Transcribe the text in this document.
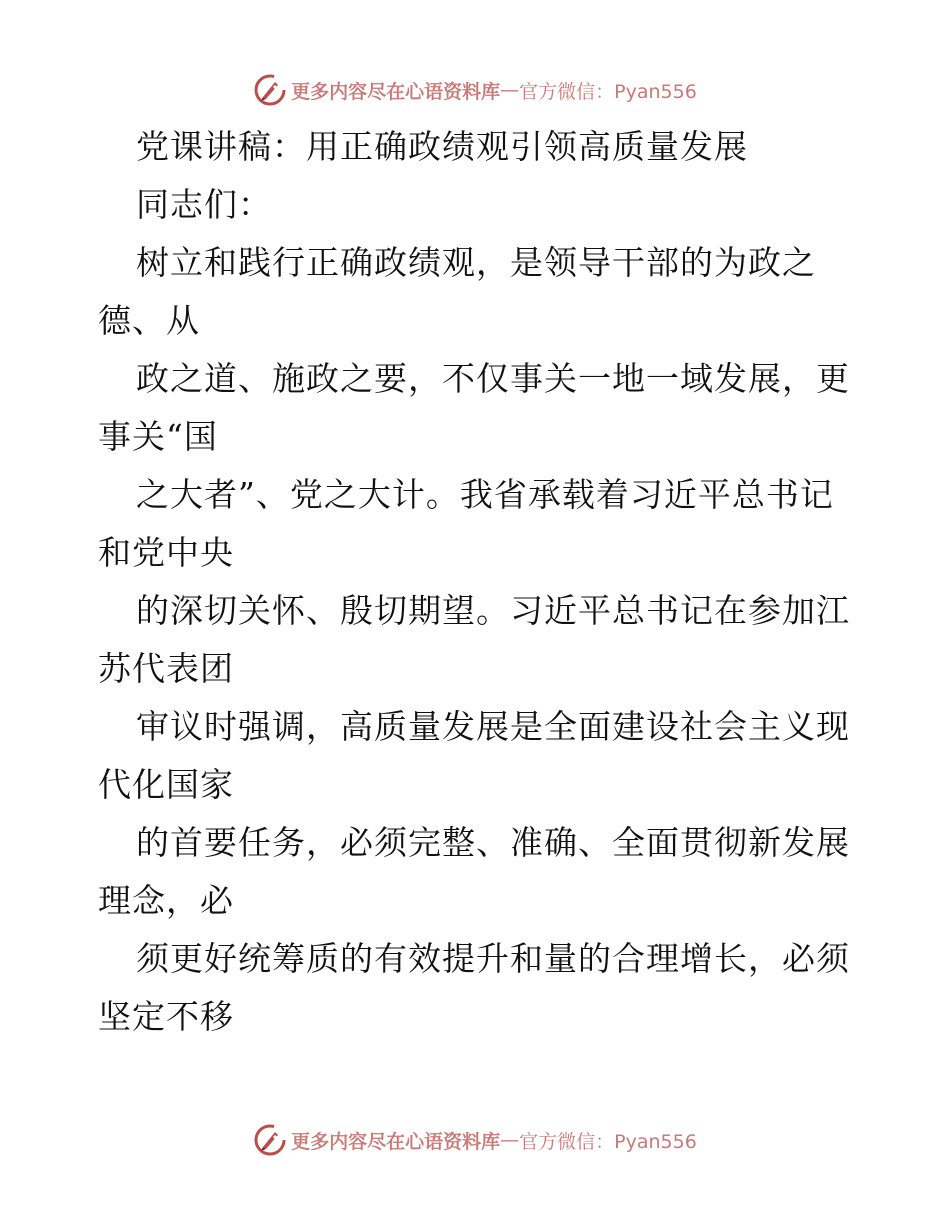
更多内容尽在心语资料库 — 官方微信：Pyan556
党课讲稿：用正确政绩观引领高质量发展
同志们：
树立和践行正确政绩观，是领导干部的为政之
德、从
政之道、施政之要，不仅事关一地一域发展，更
事关“国
之大者”、党之大计。我省承载着习近平总书记
和党中央
的深切关怀、殷切期望。习近平总书记在参加江
苏代表团
审议时强调，高质量发展是全面建设社会主义现
代化国家
的首要任务，必须完整、准确、全面贯彻新发展
理念，必
须更好统筹质的有效提升和量的合理增长，必须
坚定不移
更多内容尽在心语资料库 — 官方微信：Pyan556
